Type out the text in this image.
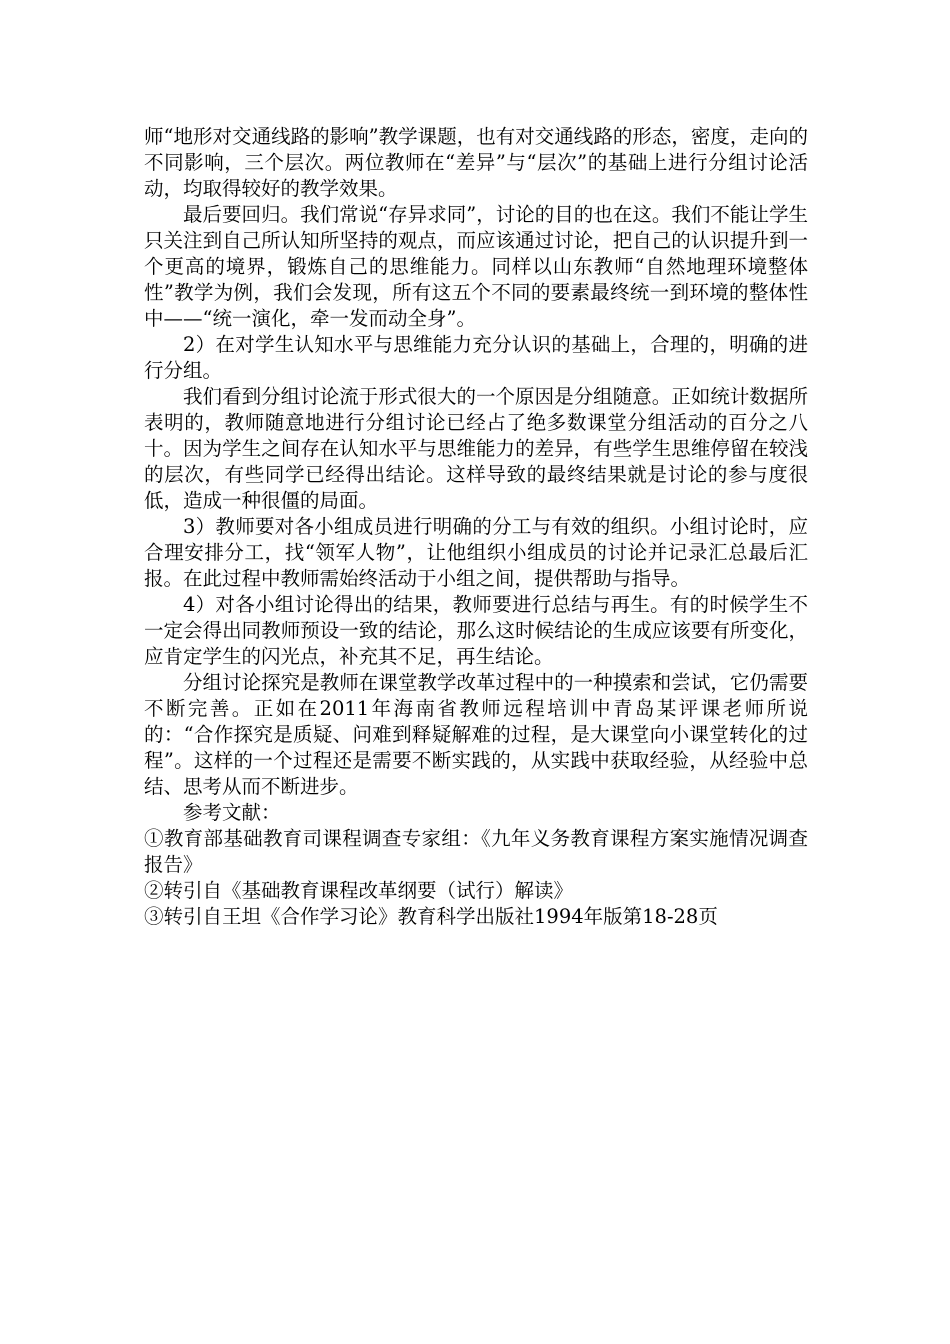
师“地形对交通线路的影响”教学课题，也有对交通线路的形态，密度，走向的不同影响，三个层次。两位教师在“差异”与“层次”的基础上进行分组讨论活动，均取得较好的教学效果。

最后要回归。我们常说“存异求同”，讨论的目的也在这。我们不能让学生只关注到自己所认知所坚持的观点，而应该通过讨论，把自己的认识提升到一个更高的境界，锻炼自己的思维能力。同样以山东教师“自然地理环境整体性”教学为例，我们会发现，所有这五个不同的要素最终统一到环境的整体性中——“统一演化，牵一发而动全身”。

2）在对学生认知水平与思维能力充分认识的基础上，合理的，明确的进行分组。

我们看到分组讨论流于形式很大的一个原因是分组随意。正如统计数据所表明的，教师随意地进行分组讨论已经占了绝多数课堂分组活动的百分之八十。因为学生之间存在认知水平与思维能力的差异，有些学生思维停留在较浅的层次，有些同学已经得出结论。这样导致的最终结果就是讨论的参与度很低，造成一种很僵的局面。

3）教师要对各小组成员进行明确的分工与有效的组织。小组讨论时，应合理安排分工，找“领军人物”，让他组织小组成员的讨论并记录汇总最后汇报。在此过程中教师需始终活动于小组之间，提供帮助与指导。

4）对各小组讨论得出的结果，教师要进行总结与再生。有的时候学生不一定会得出同教师预设一致的结论，那么这时候结论的生成应该要有所变化，应肯定学生的闪光点，补充其不足，再生结论。

分组讨论探究是教师在课堂教学改革过程中的一种摸索和尝试，它仍需要不断完善。正如在2011年海南省教师远程培训中青岛某评课老师所说的：“合作探究是质疑、问难到释疑解难的过程，是大课堂向小课堂转化的过程”。这样的一个过程还是需要不断实践的，从实践中获取经验，从经验中总结、思考从而不断进步。

参考文献：

①教育部基础教育司课程调查专家组：《九年义务教育课程方案实施情况调查报告》

②转引自《基础教育课程改革纲要（试行）解读》

③转引自王坦《合作学习论》教育科学出版社1994年版第18-28页
